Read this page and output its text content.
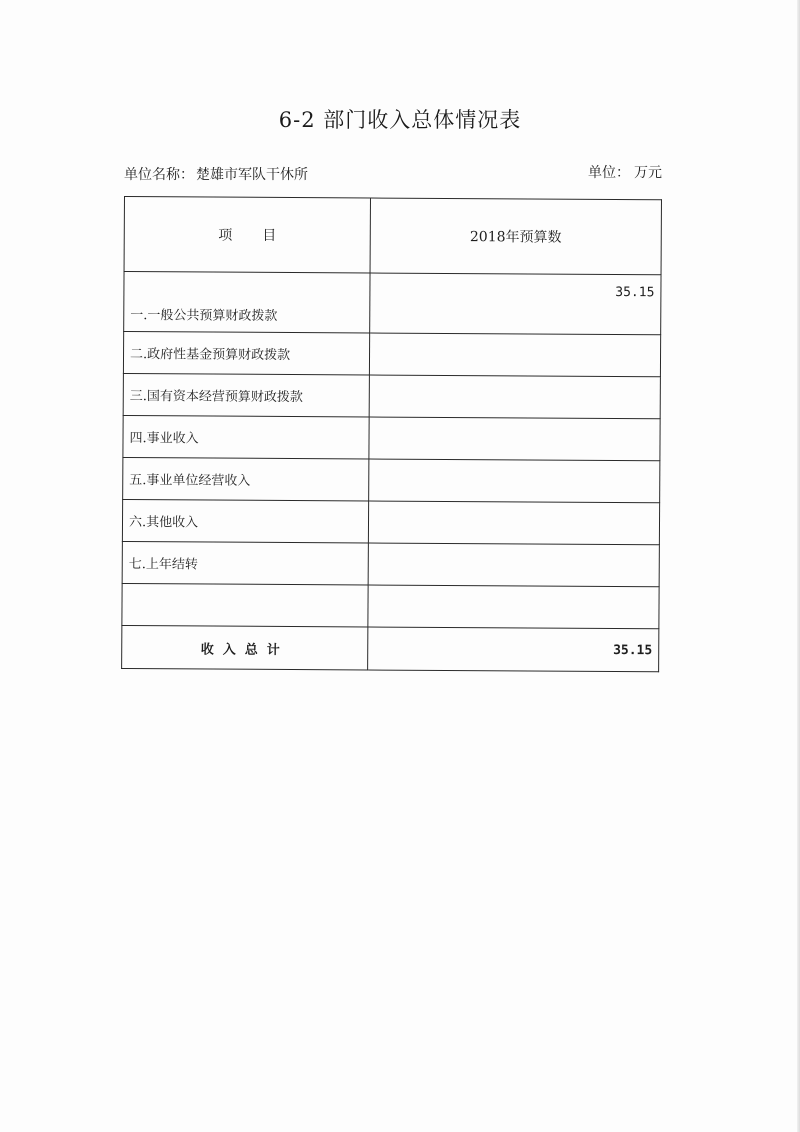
6-2 部门收入总体情况表
单位名称： 楚雄市军队干休所	单位： 万元
项目	2018年预算数
一.一般公共预算财政拨款	35.15
二.政府性基金预算财政拨款	
三.国有资本经营预算财政拨款	
四.事业收入	
五.事业单位经营收入	
六.其他收入	
七.上年结转	

收入总计	35.15
